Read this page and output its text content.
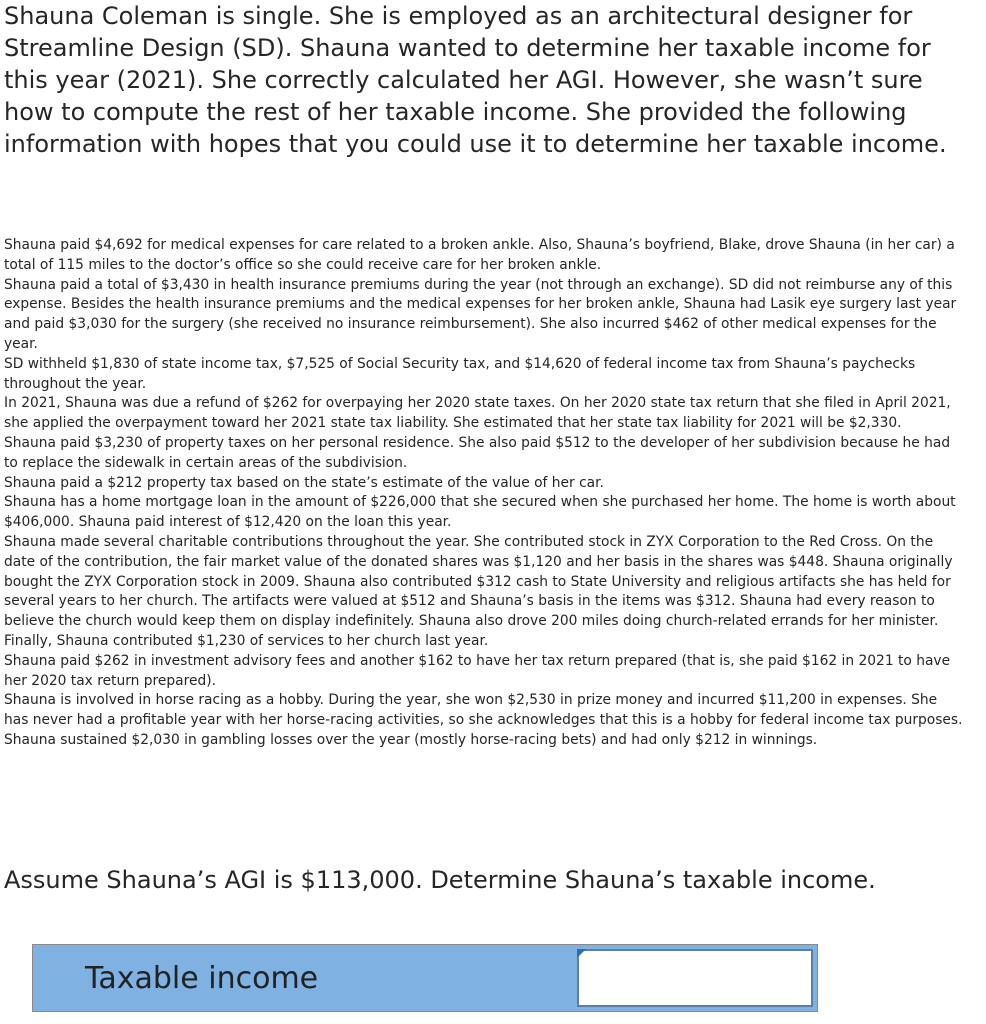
Shauna Coleman is single. She is employed as an architectural designer for Streamline Design (SD). Shauna wanted to determine her taxable income for this year (2021). She correctly calculated her AGI. However, she wasn’t sure how to compute the rest of her taxable income. She provided the following information with hopes that you could use it to determine her taxable income.

Shauna paid $4,692 for medical expenses for care related to a broken ankle. Also, Shauna’s boyfriend, Blake, drove Shauna (in her car) a total of 115 miles to the doctor’s office so she could receive care for her broken ankle.
Shauna paid a total of $3,430 in health insurance premiums during the year (not through an exchange). SD did not reimburse any of this expense. Besides the health insurance premiums and the medical expenses for her broken ankle, Shauna had Lasik eye surgery last year and paid $3,030 for the surgery (she received no insurance reimbursement). She also incurred $462 of other medical expenses for the year.
SD withheld $1,830 of state income tax, $7,525 of Social Security tax, and $14,620 of federal income tax from Shauna’s paychecks throughout the year.
In 2021, Shauna was due a refund of $262 for overpaying her 2020 state taxes. On her 2020 state tax return that she filed in April 2021, she applied the overpayment toward her 2021 state tax liability. She estimated that her state tax liability for 2021 will be $2,330.
Shauna paid $3,230 of property taxes on her personal residence. She also paid $512 to the developer of her subdivision because he had to replace the sidewalk in certain areas of the subdivision.
Shauna paid a $212 property tax based on the state’s estimate of the value of her car.
Shauna has a home mortgage loan in the amount of $226,000 that she secured when she purchased her home. The home is worth about $406,000. Shauna paid interest of $12,420 on the loan this year.
Shauna made several charitable contributions throughout the year. She contributed stock in ZYX Corporation to the Red Cross. On the date of the contribution, the fair market value of the donated shares was $1,120 and her basis in the shares was $448. Shauna originally bought the ZYX Corporation stock in 2009. Shauna also contributed $312 cash to State University and religious artifacts she has held for several years to her church. The artifacts were valued at $512 and Shauna’s basis in the items was $312. Shauna had every reason to believe the church would keep them on display indefinitely. Shauna also drove 200 miles doing church-related errands for her minister. Finally, Shauna contributed $1,230 of services to her church last year.
Shauna paid $262 in investment advisory fees and another $162 to have her tax return prepared (that is, she paid $162 in 2021 to have her 2020 tax return prepared).
Shauna is involved in horse racing as a hobby. During the year, she won $2,530 in prize money and incurred $11,200 in expenses. She has never had a profitable year with her horse-racing activities, so she acknowledges that this is a hobby for federal income tax purposes.
Shauna sustained $2,030 in gambling losses over the year (mostly horse-racing bets) and had only $212 in winnings.

Assume Shauna’s AGI is $113,000. Determine Shauna’s taxable income.

Taxable income
